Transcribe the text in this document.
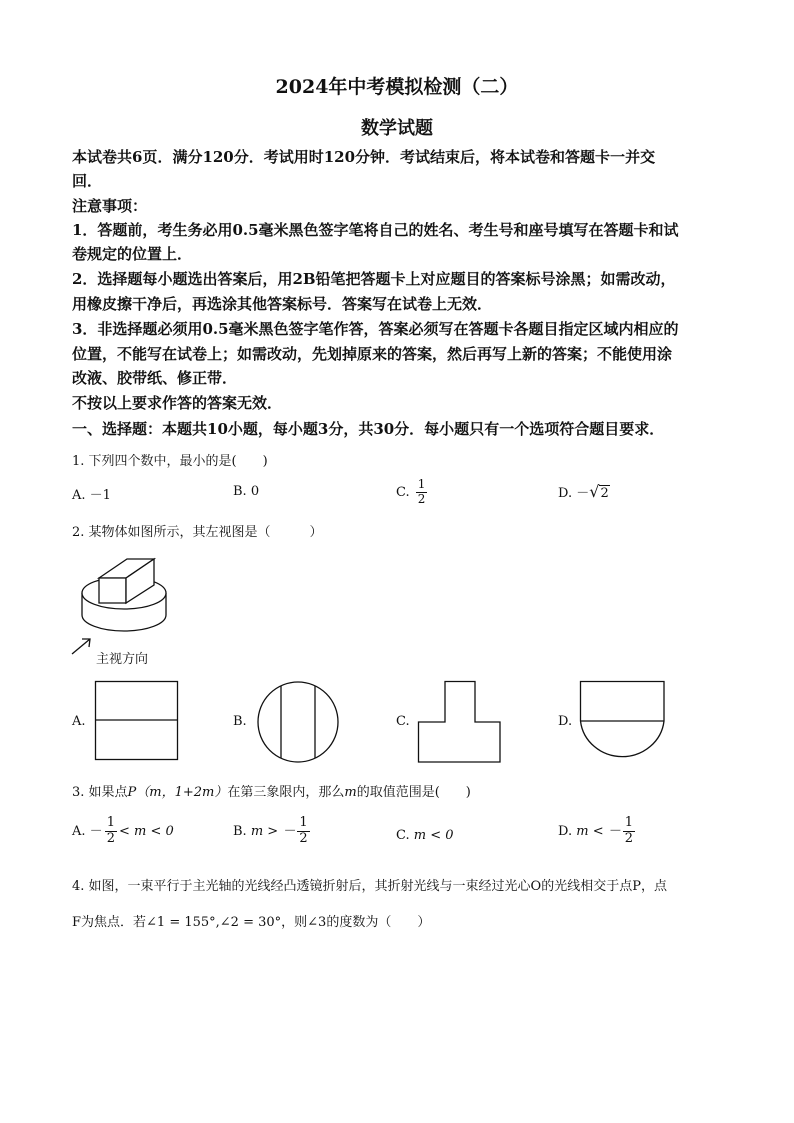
2024年中考模拟检测（二）
数学试题
本试卷共6页．满分120分．考试用时120分钟．考试结束后，将本试卷和答题卡一并交
回．
注意事项：
1．答题前，考生务必用0.5毫米黑色签字笔将自己的姓名、考生号和座号填写在答题卡和试
卷规定的位置上．
2．选择题每小题选出答案后，用2B铅笔把答题卡上对应题目的答案标号涂黑；如需改动，
用橡皮擦干净后，再选涂其他答案标号．答案写在试卷上无效．
3．非选择题必须用0.5毫米黑色签字笔作答，答案必须写在答题卡各题目指定区域内相应的
位置，不能写在试卷上；如需改动，先划掉原来的答案，然后再写上新的答案；不能使用涂
改液、胶带纸、修正带．
不按以上要求作答的答案无效．
一、选择题：本题共10小题，每小题3分，共30分．每小题只有一个选项符合题目要求．
1. 下列四个数中，最小的是(　　)
A. －1	B. 0	C. $\frac{1}{2}$	D. －√2
2. 某物体如图所示，其左视图是（　　　）
主视方向
A.	B.	C.	D.
3. 如果点P（m，1+2m）在第三象限内，那么m的取值范围是(　　)
A. － $\frac{1}{2} < m < 0$	B. m > － $\frac{1}{2}$	C. m < 0	D. m < － $\frac{1}{2}$
4. 如图，一束平行于主光轴的光线经凸透镜折射后，其折射光线与一束经过光心O的光线相交于点P，点
F为焦点．若∠1 = 155°,∠2 = 30°，则∠3的度数为（　　）
